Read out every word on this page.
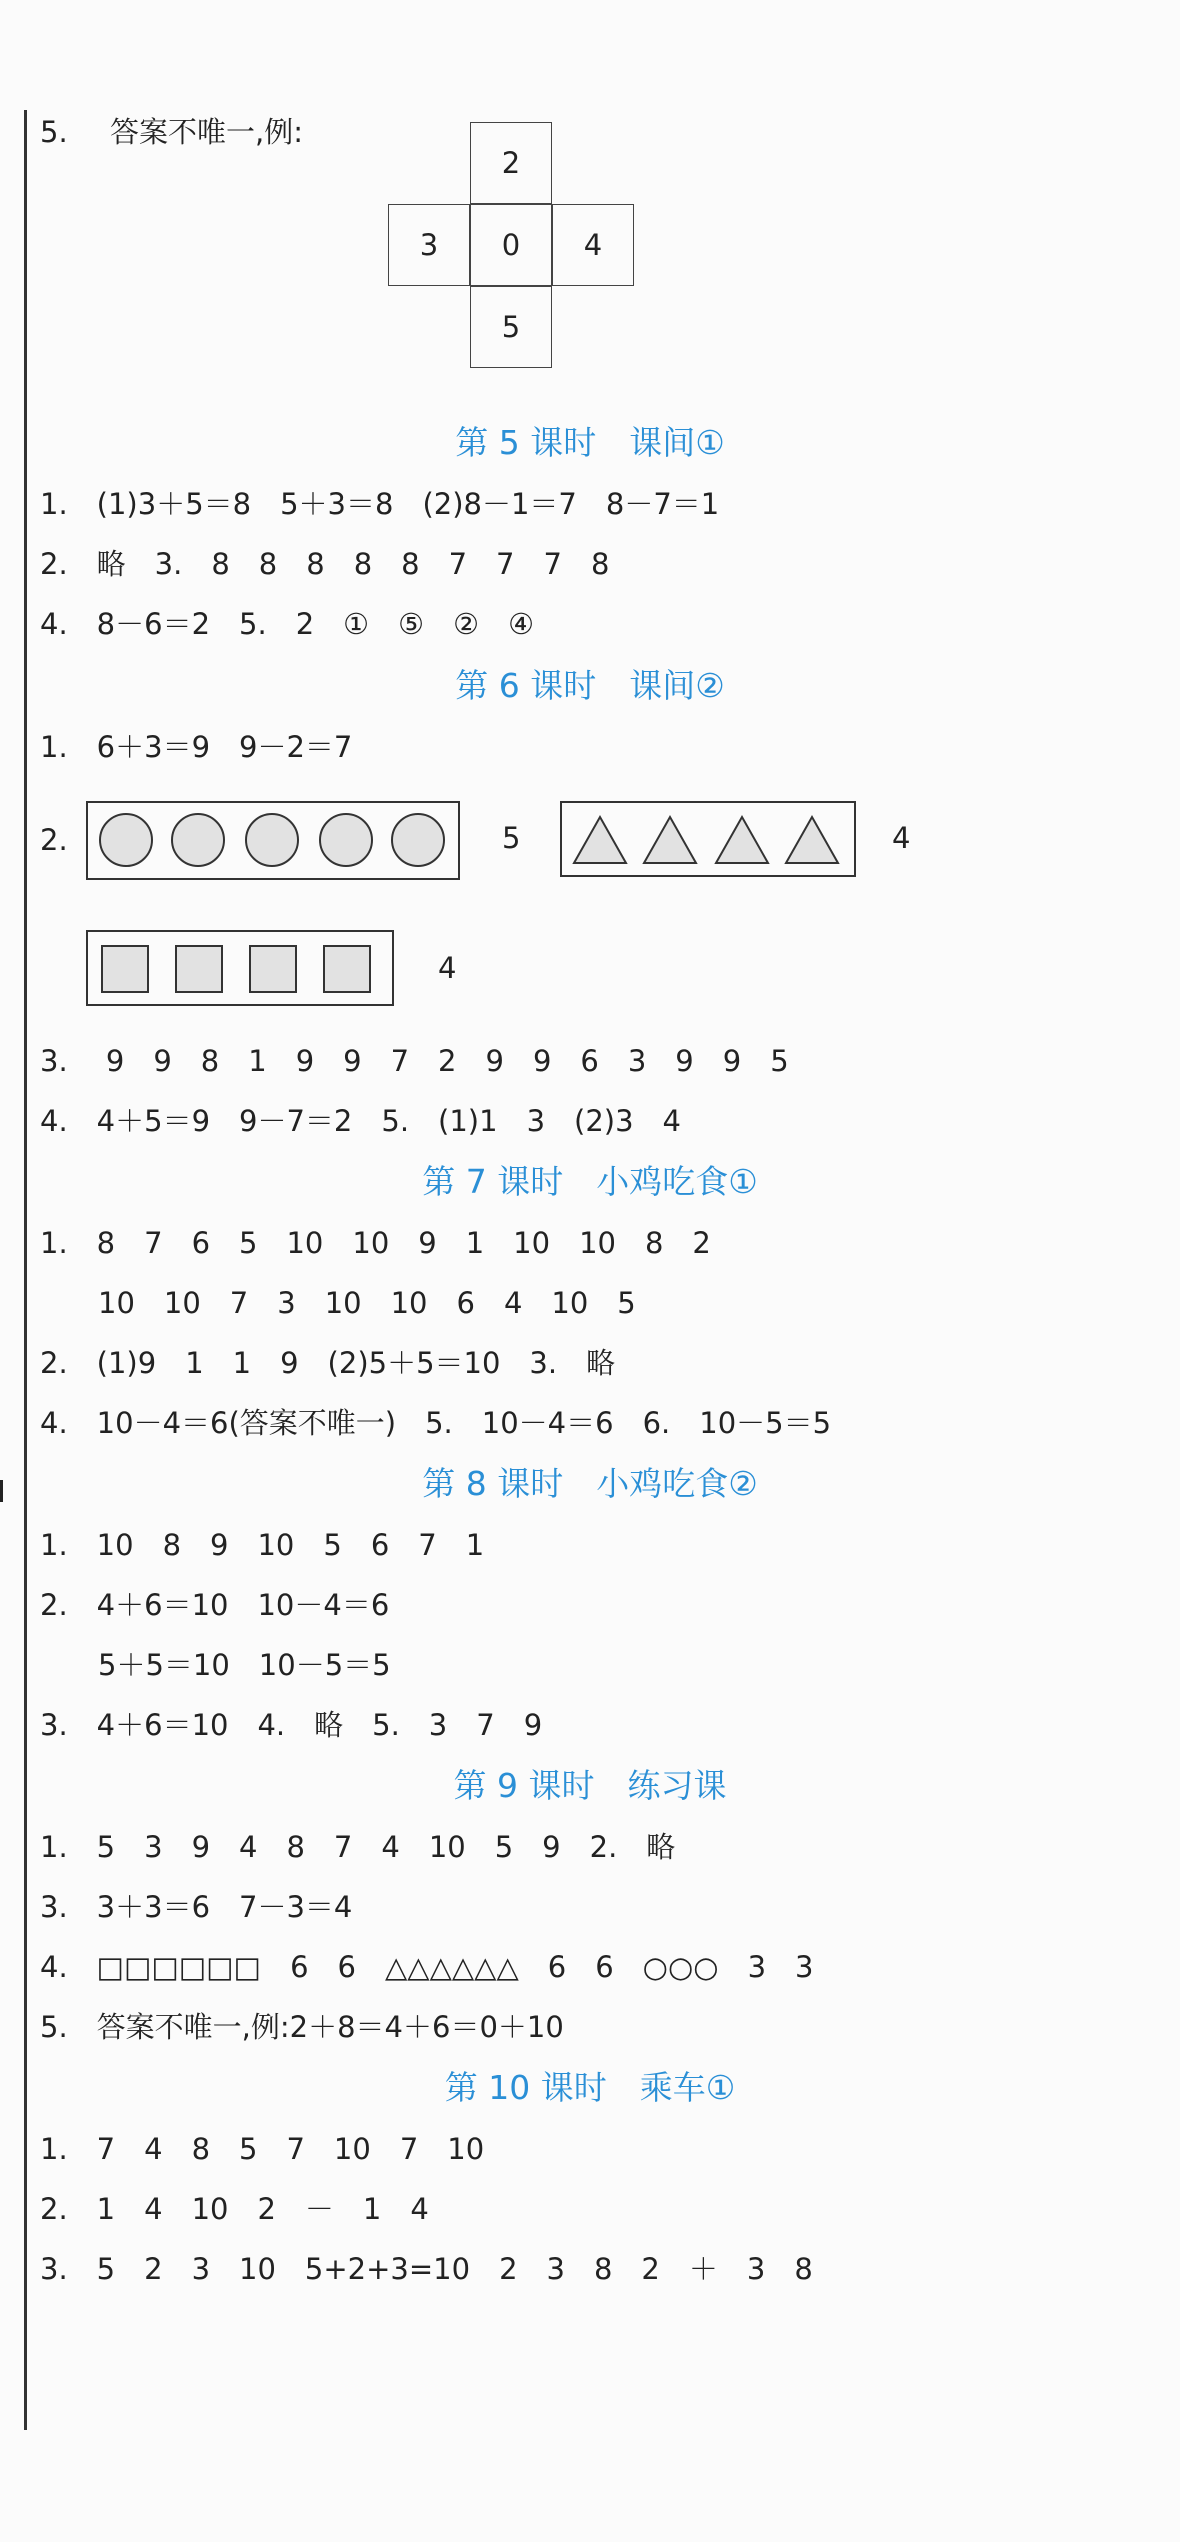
5. 答案不唯一,例:
2
3	0	4
5
第 5 课时　课间①
1.　(1)3＋5＝8　5＋3＝8　(2)8－1＝7　8－7＝1
2.　略　3.　8　8　8　8　8　7　7　7　8
4.　8－6＝2　5.　2　①　⑤　②　④
第 6 课时　课间②
1.　6＋3＝9　9－2＝7
2.	5	4
4
3.　 9　9　8　1　9　9　7　2　9　9　6　3　9　9　5
4.　4＋5＝9　9－7＝2　5.　(1)1　3　(2)3　4
第 7 课时　小鸡吃食①
1.　8　7　6　5　10　10　9　1　10　10　8　2
　　10　10　7　3　10　10　6　4　10　5
2.　(1)9　1　1　9　(2)5＋5＝10　3.　略
4.　10－4＝6(答案不唯一)　5.　10－4＝6　6.　10－5＝5
第 8 课时　小鸡吃食②
1.　10　8　9　10　5　6　7　1
2.　4＋6＝10　10－4＝6
　　5＋5＝10　10－5＝5
3.　4＋6＝10　4.　略　5.　3　7　9
第 9 课时　练习课
1.　5　3　9　4　8　7　4　10　5　9　2.　略
3.　3＋3＝6　7－3＝4
4.　□□□□□□　6　6　△△△△△△　6　6　○○○　3　3
5.　答案不唯一,例:2＋8＝4＋6＝0＋10
第 10 课时　乘车①
1.　7　4　8　5　7　10　7　10
2.　1　4　10　2　－　1　4
3.　5　2　3　10　5+2+3=10　2　3　8　2　＋　3　8
